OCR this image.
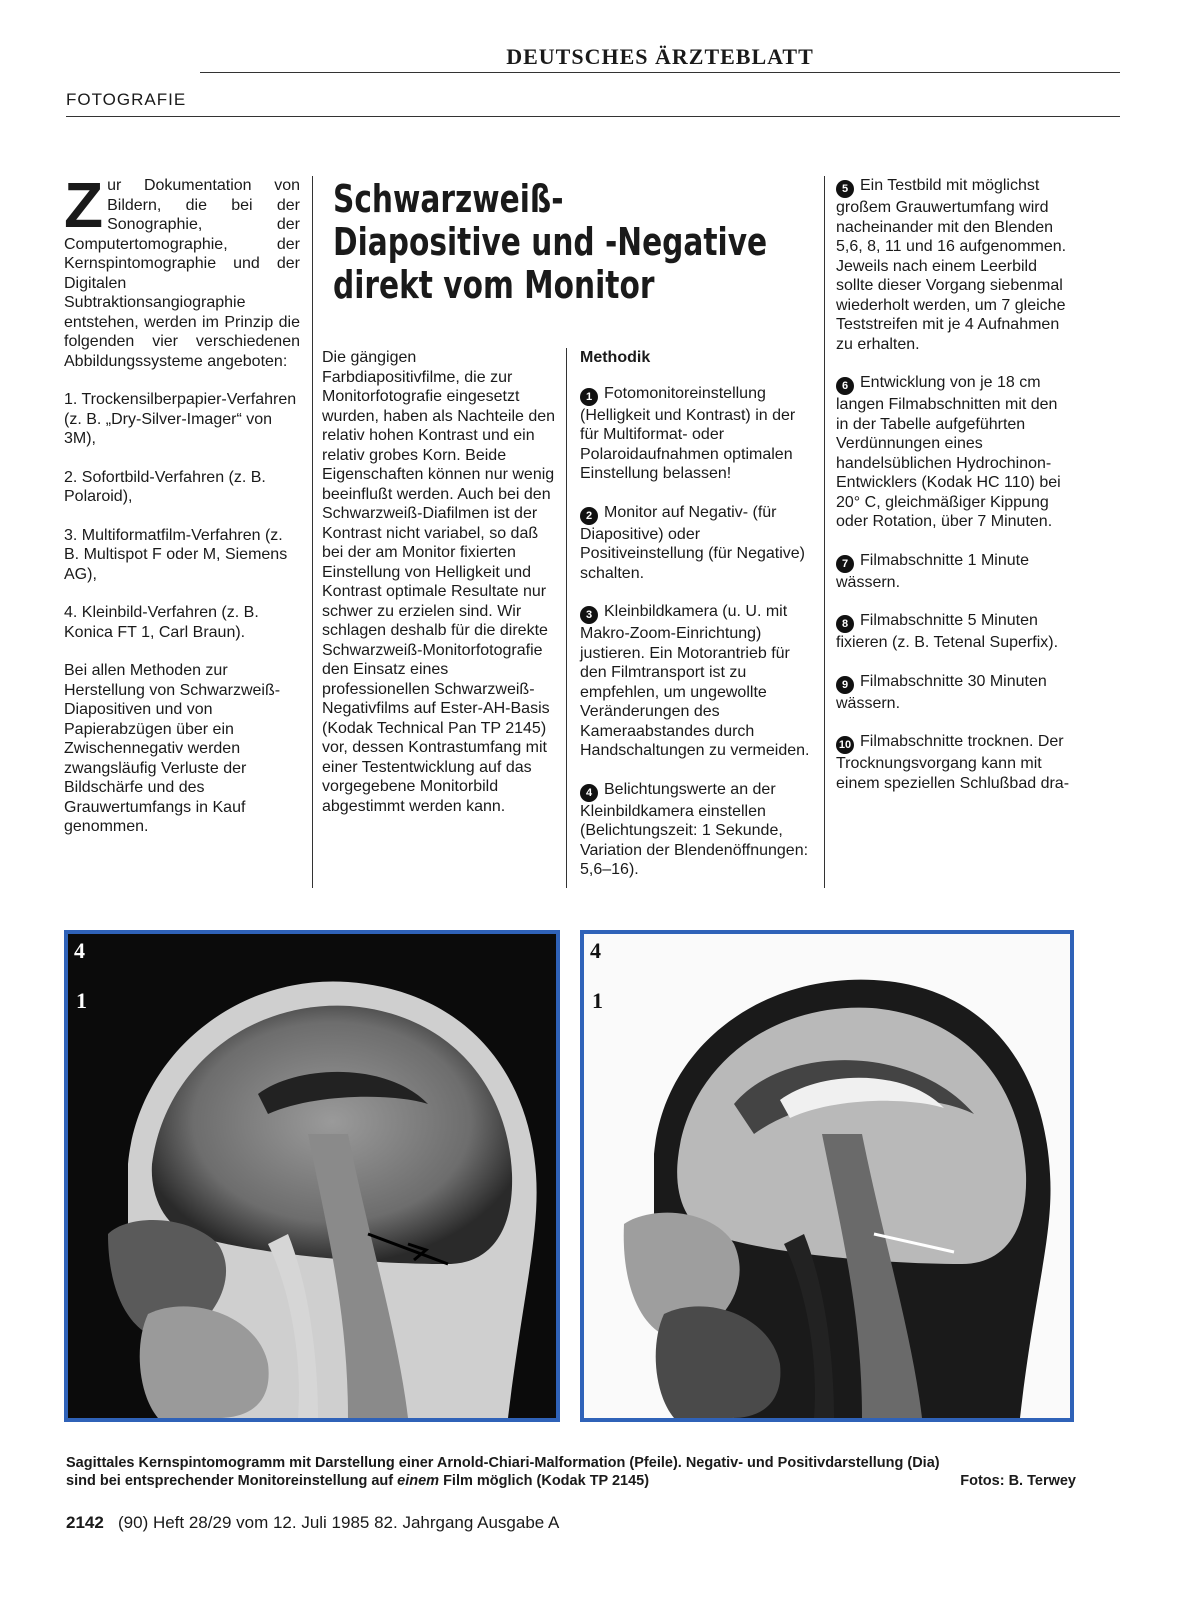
DEUTSCHES ÄRZTEBLATT
FOTOGRAFIE

Zur Dokumentation von Bildern, die bei der Sonographie, der Computertomographie, der Kernspintomographie und der Digitalen Subtraktionsangiographie entstehen, werden im Prinzip die folgenden vier verschiedenen Abbildungssysteme angeboten:

1. Trockensilberpapier-Verfahren (z. B. „Dry-Silver-Imager“ von 3M),

2. Sofortbild-Verfahren (z. B. Polaroid),

3. Multiformatfilm-Verfahren (z. B. Multispot F oder M, Siemens AG),

4. Kleinbild-Verfahren (z. B. Konica FT 1, Carl Braun).

Bei allen Methoden zur Herstellung von Schwarzweiß-Diapositiven und von Papierabzügen über ein Zwischennegativ werden zwangsläufig Verluste der Bildschärfe und des Grauwertumfangs in Kauf genommen.

Schwarzweiß-
Diapositive und -Negative
direkt vom Monitor

Die gängigen Farbdiapositivfilme, die zur Monitorfotografie eingesetzt wurden, haben als Nachteile den relativ hohen Kontrast und ein relativ grobes Korn. Beide Eigenschaften können nur wenig beeinflußt werden. Auch bei den Schwarzweiß-Diafilmen ist der Kontrast nicht variabel, so daß bei der am Monitor fixierten Einstellung von Helligkeit und Kontrast optimale Resultate nur schwer zu erzielen sind. Wir schlagen deshalb für die direkte Schwarzweiß-Monitorfotografie den Einsatz eines professionellen Schwarzweiß-Negativfilms auf Ester-AH-Basis (Kodak Technical Pan TP 2145) vor, dessen Kontrastumfang mit einer Testentwicklung auf das vorgegebene Monitorbild abgestimmt werden kann.

Methodik

1 Fotomonitoreinstellung (Helligkeit und Kontrast) in der für Multiformat- oder Polaroidaufnahmen optimalen Einstellung belassen!

2 Monitor auf Negativ- (für Diapositive) oder Positiveinstellung (für Negative) schalten.

3 Kleinbildkamera (u. U. mit Makro-Zoom-Einrichtung) justieren. Ein Motorantrieb für den Filmtransport ist zu empfehlen, um ungewollte Veränderungen des Kameraabstandes durch Handschaltungen zu vermeiden.

4 Belichtungswerte an der Kleinbildkamera einstellen (Belichtungszeit: 1 Sekunde, Variation der Blendenöffnungen: 5,6–16).

5 Ein Testbild mit möglichst großem Grauwertumfang wird nacheinander mit den Blenden 5,6, 8, 11 und 16 aufgenommen. Jeweils nach einem Leerbild sollte dieser Vorgang siebenmal wiederholt werden, um 7 gleiche Teststreifen mit je 4 Aufnahmen zu erhalten.

6 Entwicklung von je 18 cm langen Filmabschnitten mit den in der Tabelle aufgeführten Verdünnungen eines handelsüblichen Hydrochinon-Entwicklers (Kodak HC 110) bei 20° C, gleichmäßiger Kippung oder Rotation, über 7 Minuten.

7 Filmabschnitte 1 Minute wässern.

8 Filmabschnitte 5 Minuten fixieren (z. B. Tetenal Superfix).

9 Filmabschnitte 30 Minuten wässern.

10 Filmabschnitte trocknen. Der Trocknungsvorgang kann mit einem speziellen Schlußbad dra-

4
1
4
1
Sagittales Kernspintomogramm mit Darstellung einer Arnold-Chiari-Malformation (Pfeile). Negativ- und Positivdarstellung (Dia)
sind bei entsprechender Monitoreinstellung auf einem Film möglich (Kodak TP 2145)	Fotos: B. Terwey
2142 (90) Heft 28/29 vom 12. Juli 1985 82. Jahrgang Ausgabe A
